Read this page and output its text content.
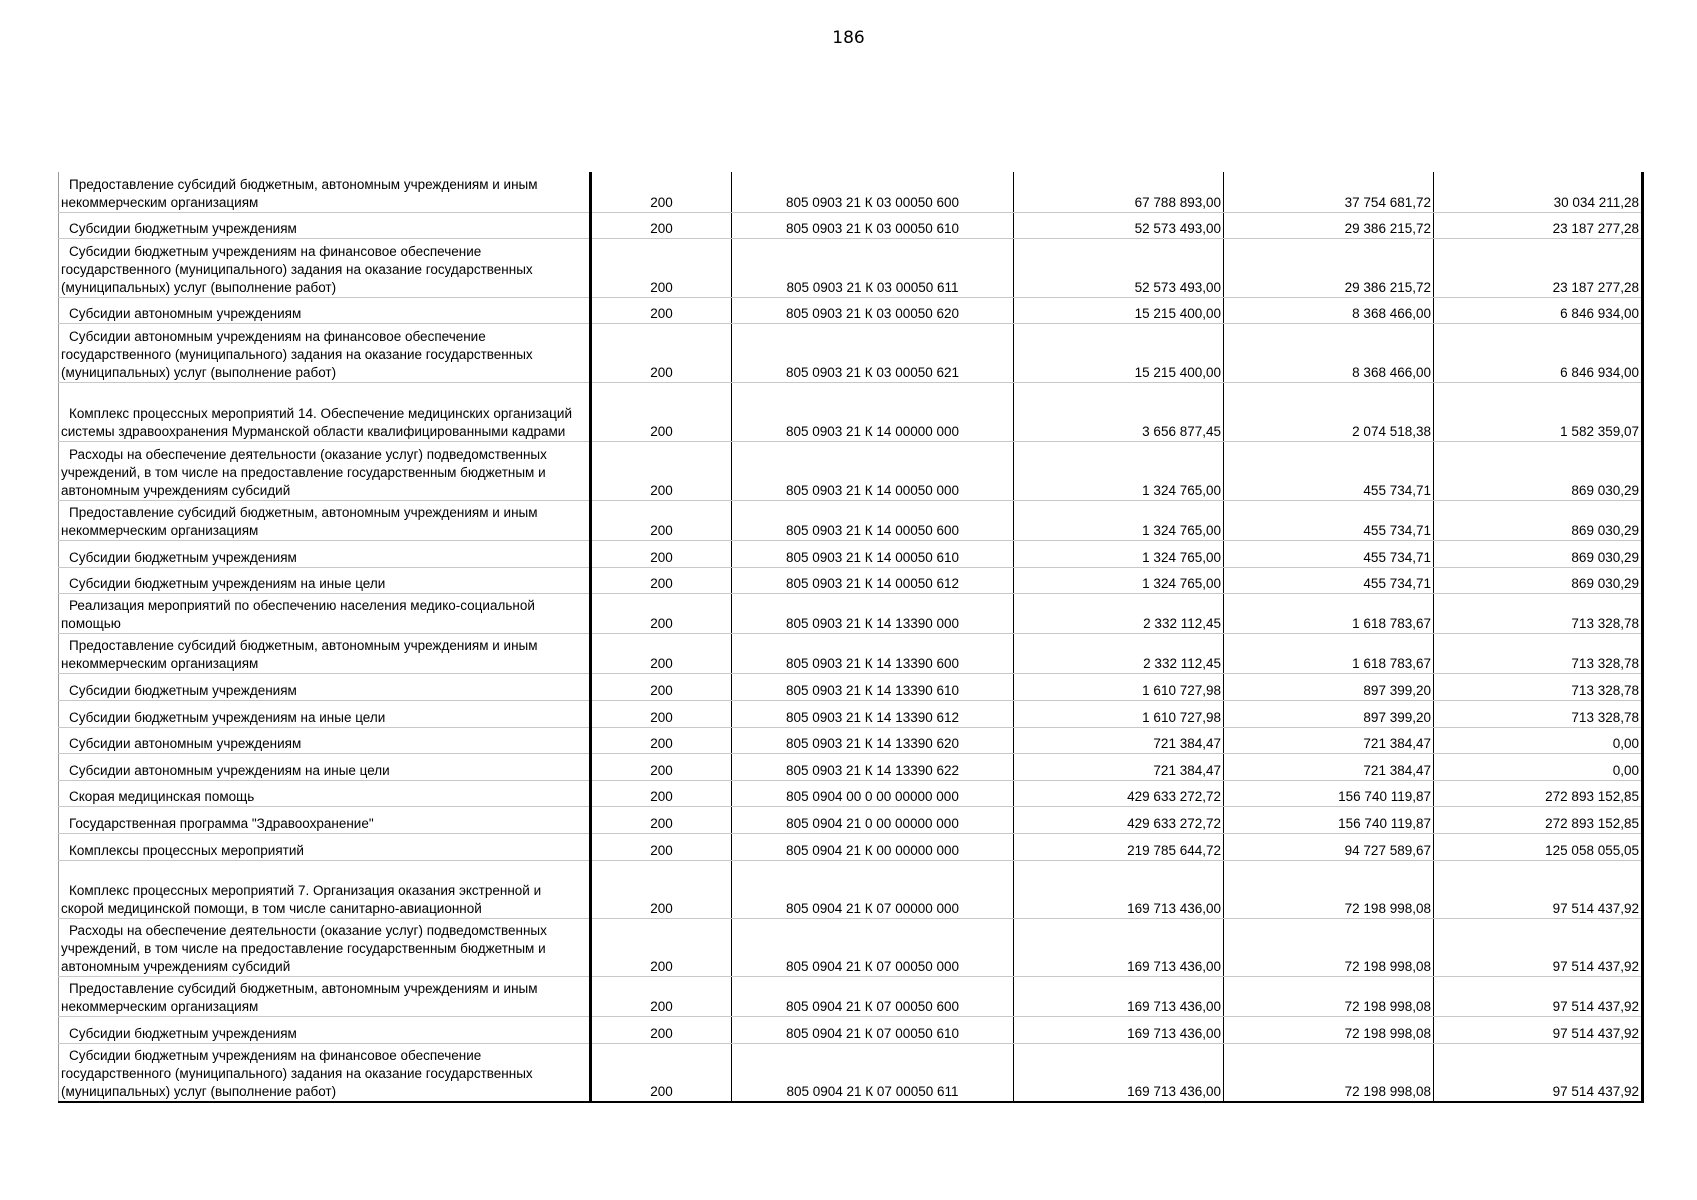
186
Предоставление субсидий бюджетным, автономным учреждениям и иным некоммерческим организациям	200	805 0903 21 К 03 00050 600	67 788 893,00	37 754 681,72	30 034 211,28
Субсидии бюджетным учреждениям	200	805 0903 21 К 03 00050 610	52 573 493,00	29 386 215,72	23 187 277,28
Субсидии бюджетным учреждениям на финансовое обеспечение государственного (муниципального) задания на оказание государственных (муниципальных) услуг (выполнение работ)	200	805 0903 21 К 03 00050 611	52 573 493,00	29 386 215,72	23 187 277,28
Субсидии автономным учреждениям	200	805 0903 21 К 03 00050 620	15 215 400,00	8 368 466,00	6 846 934,00
Субсидии автономным учреждениям на финансовое обеспечение государственного (муниципального) задания на оказание государственных (муниципальных) услуг (выполнение работ)	200	805 0903 21 К 03 00050 621	15 215 400,00	8 368 466,00	6 846 934,00
Комплекс процессных мероприятий 14. Обеспечение медицинских организаций системы здравоохранения Мурманской области квалифицированными кадрами	200	805 0903 21 К 14 00000 000	3 656 877,45	2 074 518,38	1 582 359,07
Расходы на обеспечение деятельности (оказание услуг) подведомственных учреждений, в том числе на предоставление государственным бюджетным и автономным учреждениям субсидий	200	805 0903 21 К 14 00050 000	1 324 765,00	455 734,71	869 030,29
Предоставление субсидий бюджетным, автономным учреждениям и иным некоммерческим организациям	200	805 0903 21 К 14 00050 600	1 324 765,00	455 734,71	869 030,29
Субсидии бюджетным учреждениям	200	805 0903 21 К 14 00050 610	1 324 765,00	455 734,71	869 030,29
Субсидии бюджетным учреждениям на иные цели	200	805 0903 21 К 14 00050 612	1 324 765,00	455 734,71	869 030,29
Реализация мероприятий по обеспечению населения медико-социальной помощью	200	805 0903 21 К 14 13390 000	2 332 112,45	1 618 783,67	713 328,78
Предоставление субсидий бюджетным, автономным учреждениям и иным некоммерческим организациям	200	805 0903 21 К 14 13390 600	2 332 112,45	1 618 783,67	713 328,78
Субсидии бюджетным учреждениям	200	805 0903 21 К 14 13390 610	1 610 727,98	897 399,20	713 328,78
Субсидии бюджетным учреждениям на иные цели	200	805 0903 21 К 14 13390 612	1 610 727,98	897 399,20	713 328,78
Субсидии автономным учреждениям	200	805 0903 21 К 14 13390 620	721 384,47	721 384,47	0,00
Субсидии автономным учреждениям на иные цели	200	805 0903 21 К 14 13390 622	721 384,47	721 384,47	0,00
Скорая медицинская помощь	200	805 0904 00 0 00 00000 000	429 633 272,72	156 740 119,87	272 893 152,85
Государственная программа "Здравоохранение"	200	805 0904 21 0 00 00000 000	429 633 272,72	156 740 119,87	272 893 152,85
Комплексы процессных мероприятий	200	805 0904 21 К 00 00000 000	219 785 644,72	94 727 589,67	125 058 055,05
Комплекс процессных мероприятий 7. Организация оказания экстренной и скорой медицинской помощи, в том числе санитарно-авиационной	200	805 0904 21 К 07 00000 000	169 713 436,00	72 198 998,08	97 514 437,92
Расходы на обеспечение деятельности (оказание услуг) подведомственных учреждений, в том числе на предоставление государственным бюджетным и автономным учреждениям субсидий	200	805 0904 21 К 07 00050 000	169 713 436,00	72 198 998,08	97 514 437,92
Предоставление субсидий бюджетным, автономным учреждениям и иным некоммерческим организациям	200	805 0904 21 К 07 00050 600	169 713 436,00	72 198 998,08	97 514 437,92
Субсидии бюджетным учреждениям	200	805 0904 21 К 07 00050 610	169 713 436,00	72 198 998,08	97 514 437,92
Субсидии бюджетным учреждениям на финансовое обеспечение государственного (муниципального) задания на оказание государственных (муниципальных) услуг (выполнение работ)	200	805 0904 21 К 07 00050 611	169 713 436,00	72 198 998,08	97 514 437,92
